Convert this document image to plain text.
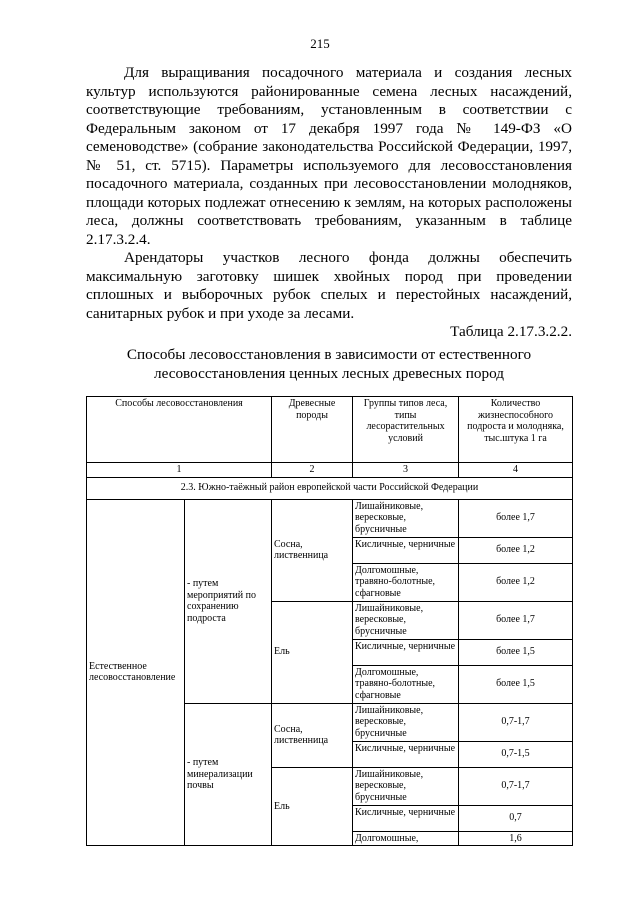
215

Для выращивания посадочного материала и создания лесных культур используются районированные семена лесных насаждений, соответствующие требованиям, установленным в соответствии с Федеральным законом от 17 декабря 1997 года № 149-ФЗ «О семеноводстве» (собрание законодательства Российской Федерации, 1997, № 51, ст. 5715). Параметры используемого для лесовосстановления посадочного материала, созданных при лесовосстановлении молодняков, площади которых подлежат отнесению к землям, на которых расположены леса, должны соответствовать требованиям, указанным в таблице 2.17.3.2.4.

Арендаторы участков лесного фонда должны обеспечить максимальную заготовку шишек хвойных пород при проведении сплошных и выборочных рубок спелых и перестойных насаждений, санитарных рубок и при уходе за лесами.

Таблица 2.17.3.2.2.

Способы лесовосстановления в зависимости от естественного лесовосстановления ценных лесных древесных пород
Способы лесовосстановления		Древесные породы	Группы типов леса, типы лесорастительных условий	Количество жизнеспособного подроста и молодняка, тыс.штука 1 га
1		2	3	4
2.3. Южно-таёжный район европейской части Российской Федерации				
Естественное лесовосстановление	- путем мероприятий по сохранению подроста	Сосна, лиственница	Лишайниковые, вересковые, брусничные	более 1,7
			Кисличные, черничные	более 1,2
			Долгомошные, травяно-болотные, сфагновые	более 1,2
		Ель	Лишайниковые, вересковые, брусничные	более 1,7
			Кисличные, черничные	более 1,5
			Долгомошные, травяно-болотные, сфагновые	более 1,5
	- путем минерализации почвы	Сосна, лиственница	Лишайниковые, вересковые, брусничные	0,7-1,7
			Кисличные, черничные	0,7-1,5
		Ель	Лишайниковые, вересковые, брусничные	0,7-1,7
			Кисличные, черничные	0,7
			Долгомошные,	1,6
